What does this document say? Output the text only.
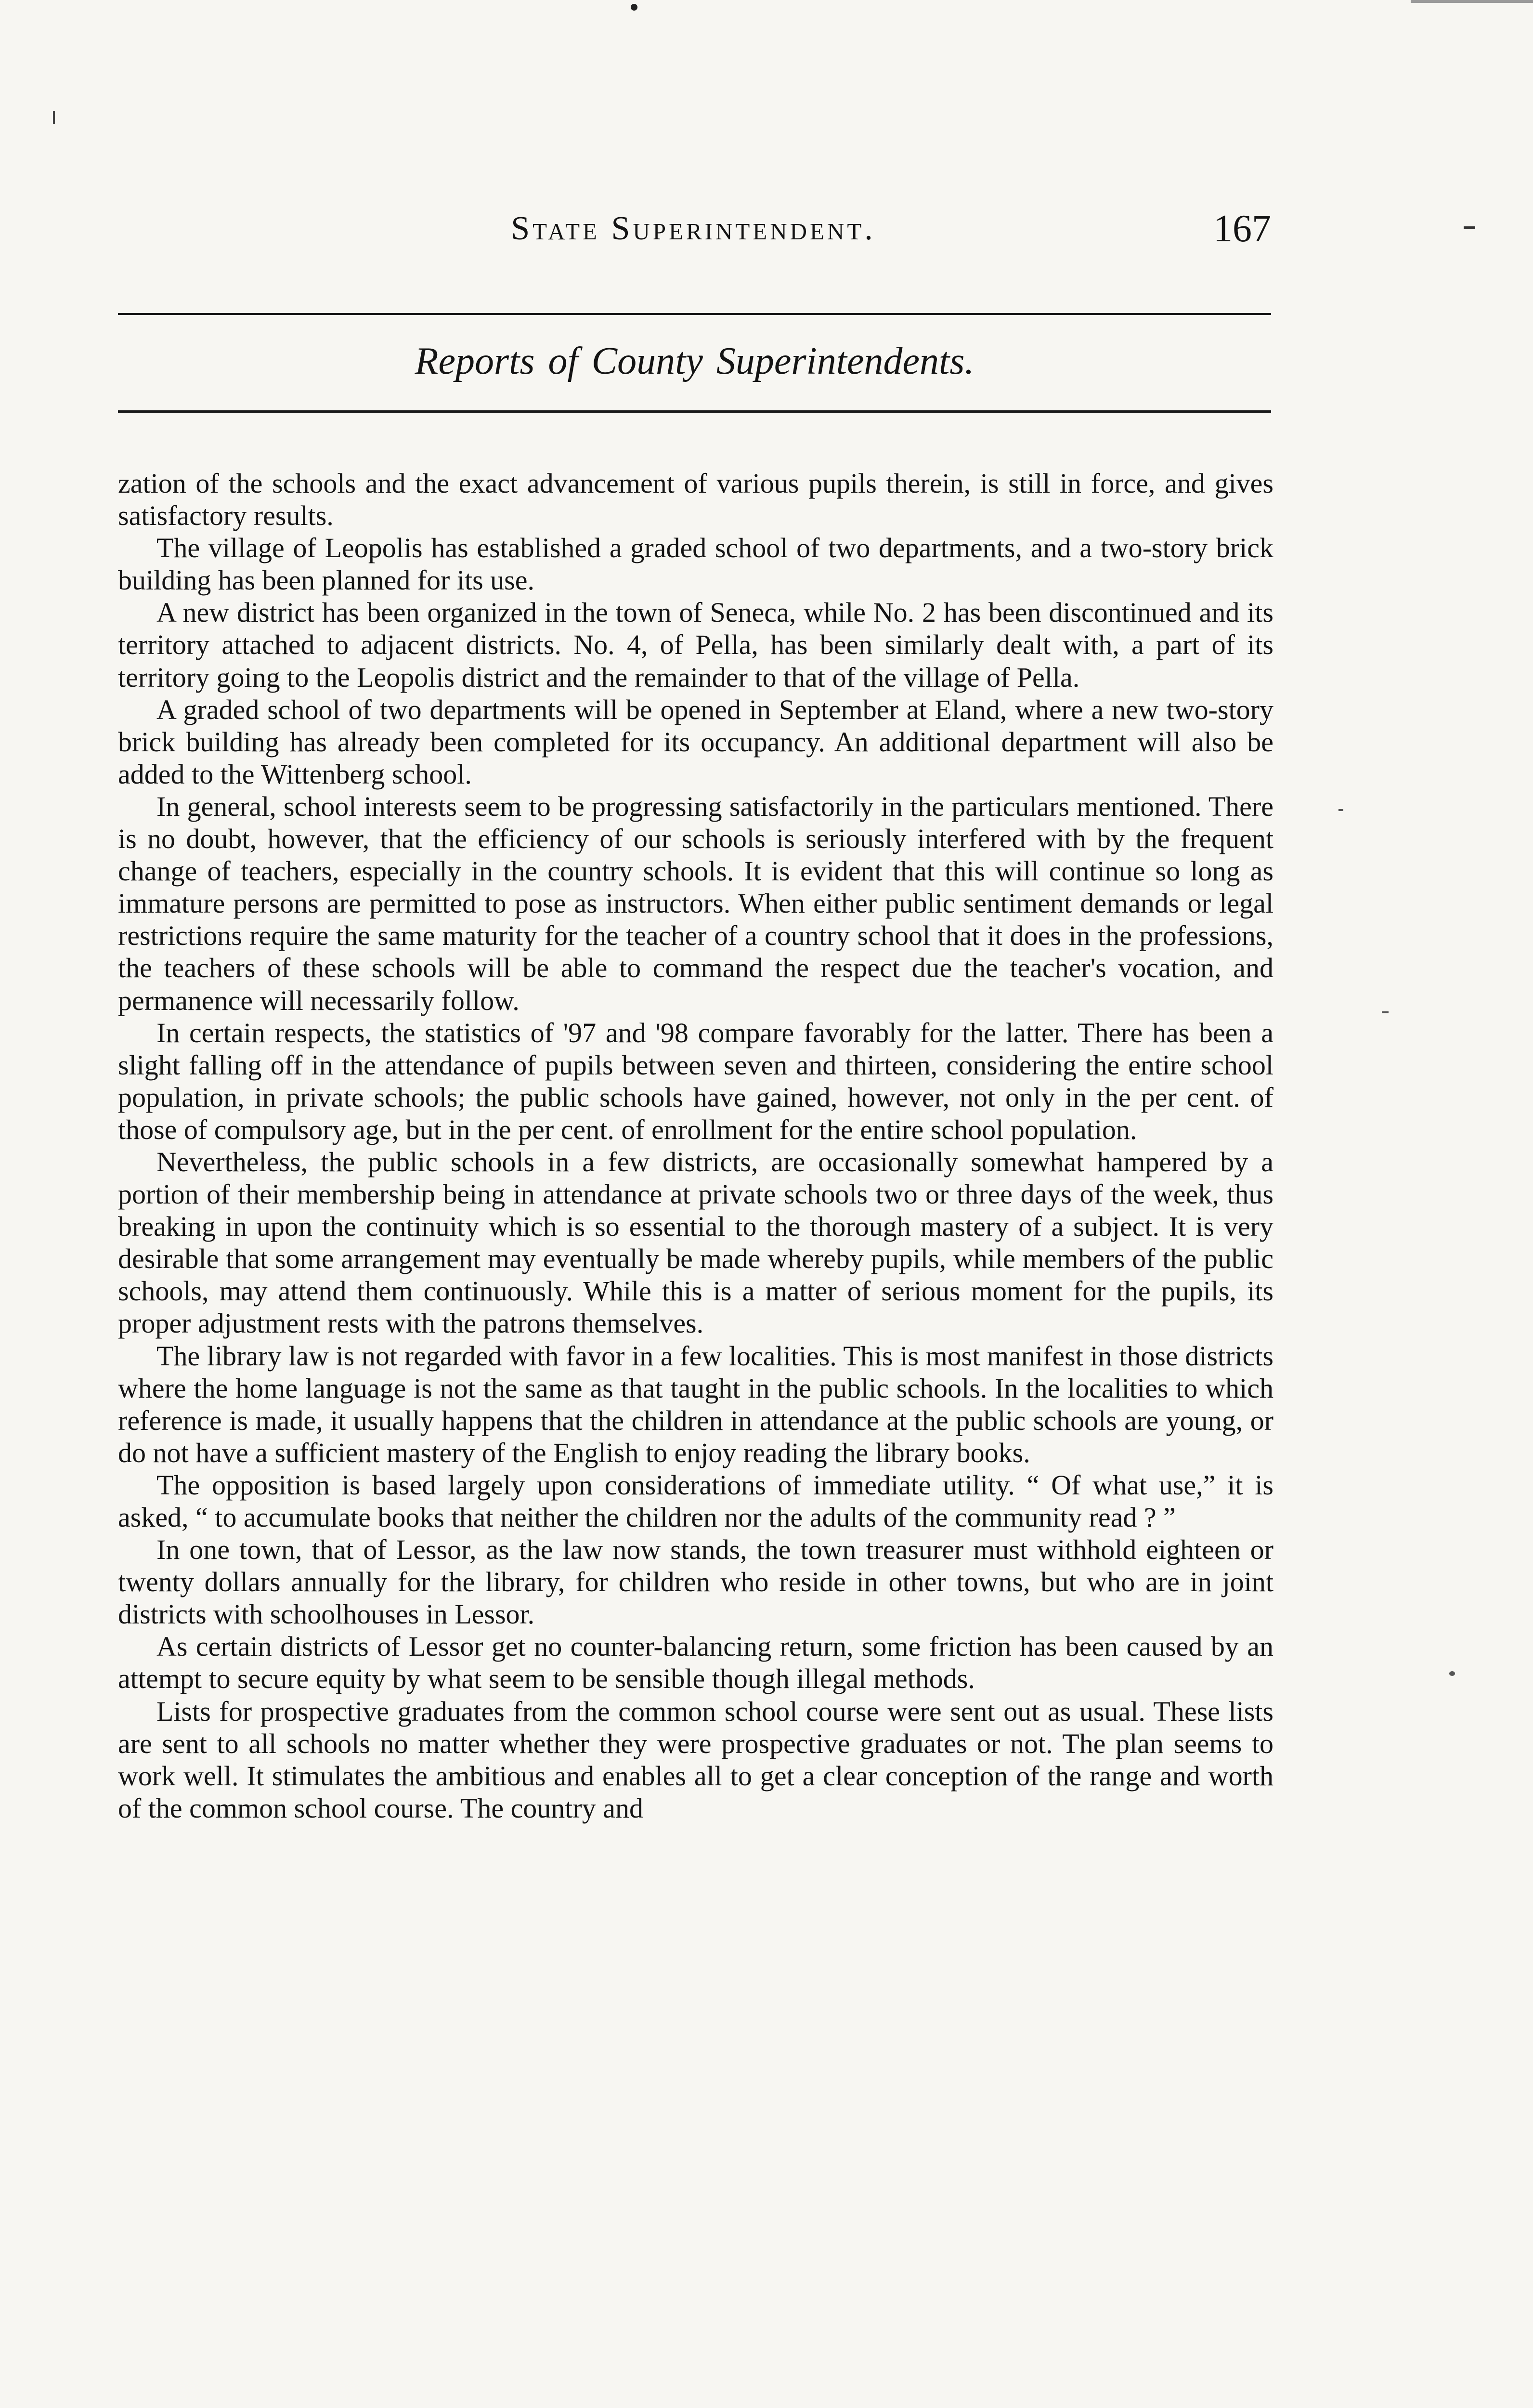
State Superintendent.	167
Reports of County Superintendents.

zation of the schools and the exact advancement of various pupils therein, is still in force, and gives satisfactory results.

The village of Leopolis has established a graded school of two departments, and a two-story brick building has been planned for its use.

A new district has been organized in the town of Seneca, while No. 2 has been discontinued and its territory attached to adjacent districts. No. 4, of Pella, has been similarly dealt with, a part of its territory going to the Leopolis district and the remainder to that of the village of Pella.

A graded school of two departments will be opened in September at Eland, where a new two-story brick building has already been completed for its occupancy. An additional department will also be added to the Wittenberg school.

In general, school interests seem to be progressing satisfactorily in the particulars mentioned. There is no doubt, however, that the efficiency of our schools is seriously interfered with by the frequent change of teachers, especially in the country schools. It is evident that this will continue so long as immature persons are permitted to pose as instructors. When either public sentiment demands or legal restrictions require the same maturity for the teacher of a country school that it does in the professions, the teachers of these schools will be able to command the respect due the teacher's vocation, and permanence will necessarily follow.

In certain respects, the statistics of '97 and '98 compare favorably for the latter. There has been a slight falling off in the attendance of pupils between seven and thirteen, considering the entire school population, in private schools; the public schools have gained, however, not only in the per cent. of those of compulsory age, but in the per cent. of enrollment for the entire school population.

Nevertheless, the public schools in a few districts, are occasionally somewhat hampered by a portion of their membership being in attendance at private schools two or three days of the week, thus breaking in upon the continuity which is so essential to the thorough mastery of a subject. It is very desirable that some arrangement may eventually be made whereby pupils, while members of the public schools, may attend them continuously. While this is a matter of serious moment for the pupils, its proper adjustment rests with the patrons themselves.

The library law is not regarded with favor in a few localities. This is most manifest in those districts where the home language is not the same as that taught in the public schools. In the localities to which reference is made, it usually happens that the children in attendance at the public schools are young, or do not have a sufficient mastery of the English to enjoy reading the library books.

The opposition is based largely upon considerations of immediate utility. “ Of what use,” it is asked, “ to accumulate books that neither the children nor the adults of the community read ? ”

In one town, that of Lessor, as the law now stands, the town treasurer must withhold eighteen or twenty dollars annually for the library, for children who reside in other towns, but who are in joint districts with schoolhouses in Lessor.

As certain districts of Lessor get no counter-balancing return, some friction has been caused by an attempt to secure equity by what seem to be sensible though illegal methods.

Lists for prospective graduates from the common school course were sent out as usual. These lists are sent to all schools no matter whether they were prospective graduates or not. The plan seems to work well. It stimulates the ambitious and enables all to get a clear conception of the range and worth of the common school course. The country and
